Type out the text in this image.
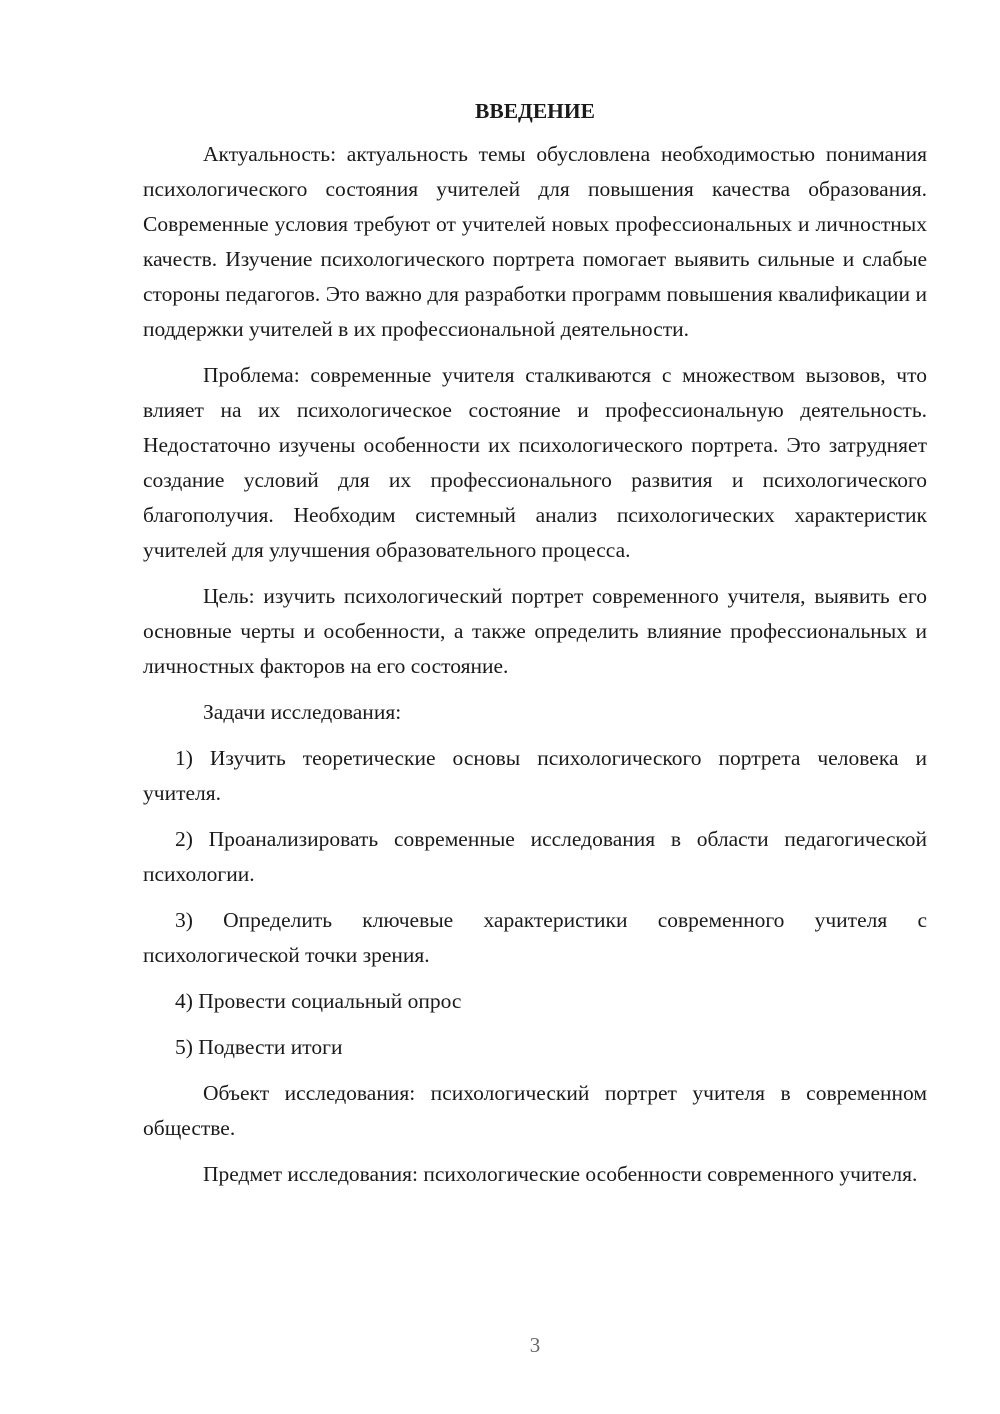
ВВЕДЕНИЕ

Актуальность: актуальность темы обусловлена необходимостью понимания психологического состояния учителей для повышения качества образования. Современные условия требуют от учителей новых профессиональных и личностных качеств. Изучение психологического портрета помогает выявить сильные и слабые стороны педагогов. Это важно для разработки программ повышения квалификации и поддержки учителей в их профессиональной деятельности.

Проблема: современные учителя сталкиваются с множеством вызовов, что влияет на их психологическое состояние и профессиональную деятельность. Недостаточно изучены особенности их психологического портрета. Это затрудняет создание условий для их профессионального развития и психологического благополучия. Необходим системный анализ психологических характеристик учителей для улучшения образовательного процесса.

Цель: изучить психологический портрет современного учителя, выявить его основные черты и особенности, а также определить влияние профессиональных и личностных факторов на его состояние.

Задачи исследования:

1) Изучить теоретические основы психологического портрета человека и учителя.

2) Проанализировать современные исследования в области педагогической психологии.

3) Определить ключевые характеристики современного учителя с психологической точки зрения.

4) Провести социальный опрос

5) Подвести итоги

Объект исследования: психологический портрет учителя в современном обществе.

Предмет исследования: психологические особенности современного учителя.

3
